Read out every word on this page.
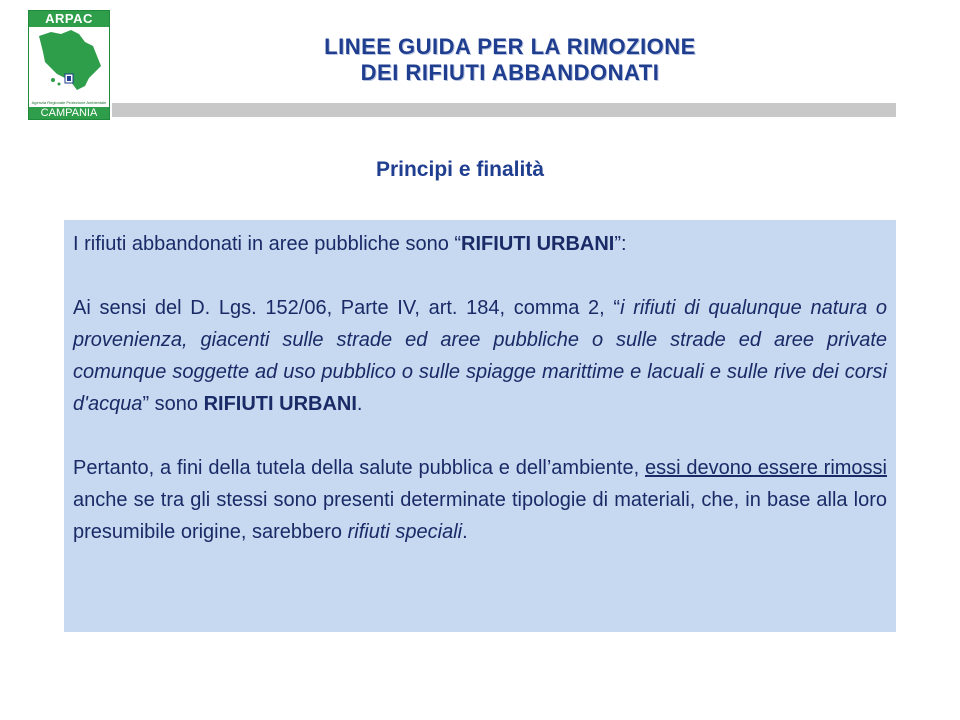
ARPAC
Agenzia Regionale Protezione Ambientale
CAMPANIA
LINEE GUIDA PER LA RIMOZIONE
DEI RIFIUTI ABBANDONATI
Principi e finalità

I rifiuti abbandonati in aree pubbliche sono “RIFIUTI URBANI”:

Ai sensi del D. Lgs. 152/06, Parte IV, art. 184, comma 2, “i rifiuti di qualunque natura o provenienza, giacenti sulle strade ed aree pubbliche o sulle strade ed aree private comunque soggette ad uso pubblico o sulle spiagge marittime e lacuali e sulle rive dei corsi d'acqua” sono RIFIUTI URBANI.

Pertanto, a fini della tutela della salute pubblica e dell’ambiente, essi devono essere rimossi anche se tra gli stessi sono presenti determinate tipologie di materiali, che, in base alla loro presumibile origine, sarebbero rifiuti speciali.
